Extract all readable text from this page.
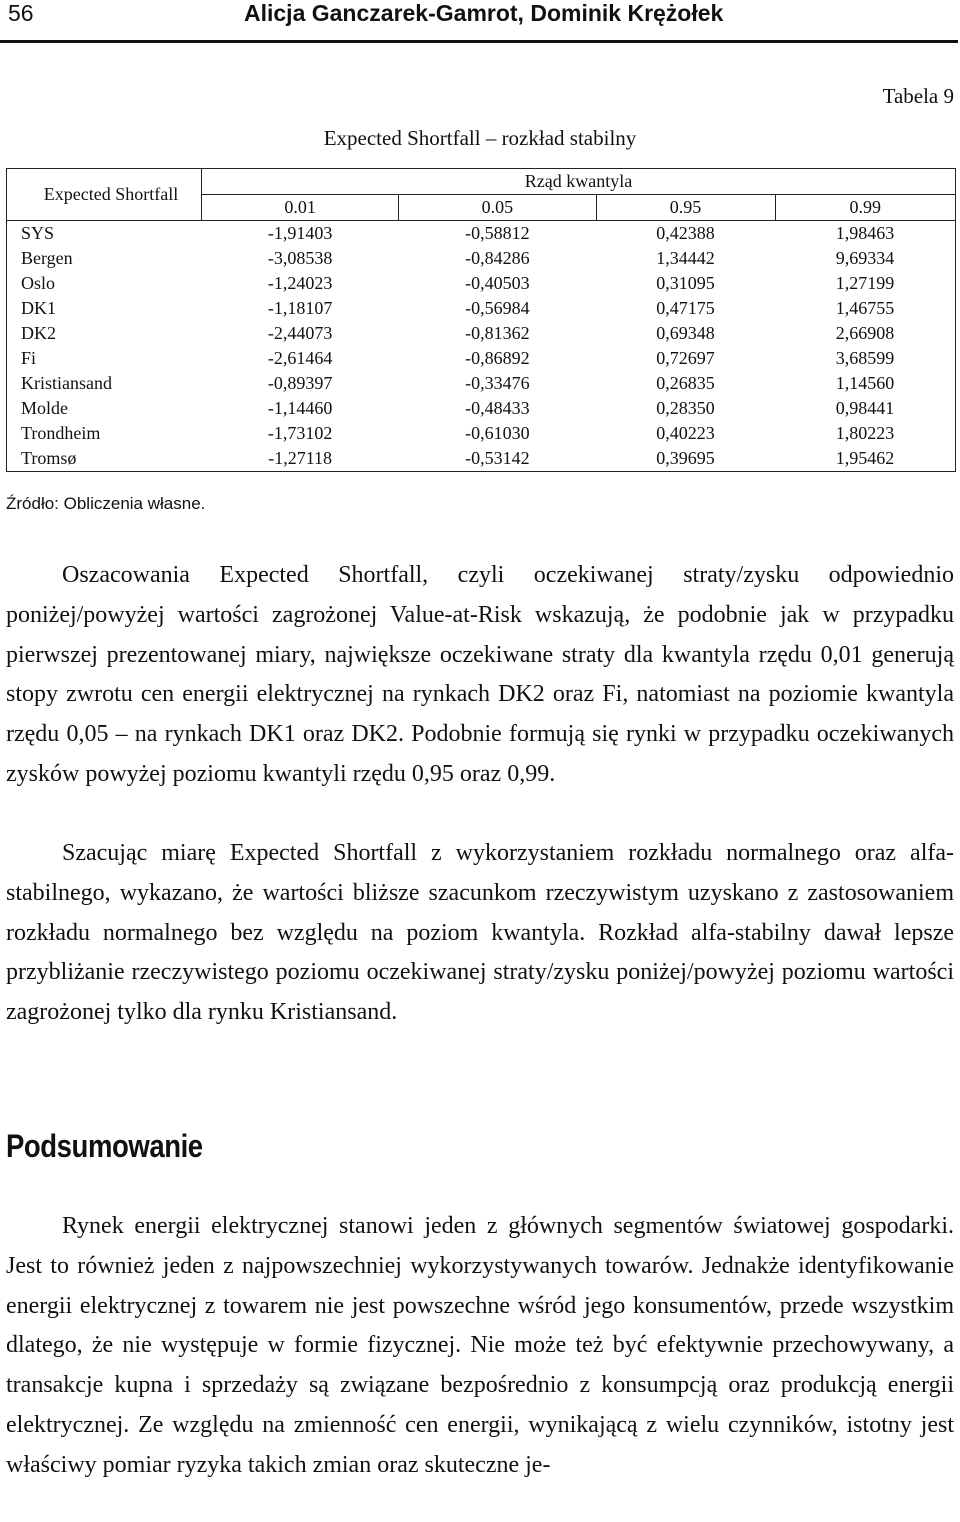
56	Alicja Ganczarek-Gamrot, Dominik Krężołek
Tabela 9
Expected Shortfall – rozkład stabilny
Expected Shortfall	Rząd kwantyla			
	0.01	0.05	0.95	0.99
SYS	-1,91403	-0,58812	0,42388	1,98463
Bergen	-3,08538	-0,84286	1,34442	9,69334
Oslo	-1,24023	-0,40503	0,31095	1,27199
DK1	-1,18107	-0,56984	0,47175	1,46755
DK2	-2,44073	-0,81362	0,69348	2,66908
Fi	-2,61464	-0,86892	0,72697	3,68599
Kristiansand	-0,89397	-0,33476	0,26835	1,14560
Molde	-1,14460	-0,48433	0,28350	0,98441
Trondheim	-1,73102	-0,61030	0,40223	1,80223
Tromsø	-1,27118	-0,53142	0,39695	1,95462
Źródło: Obliczenia własne.

Oszacowania Expected Shortfall, czyli oczekiwanej straty/zysku odpowiednio poniżej/powyżej wartości zagrożonej Value-at-Risk wskazują, że podobnie jak w przypadku pierwszej prezentowanej miary, największe oczekiwane straty dla kwantyla rzędu 0,01 generują stopy zwrotu cen energii elektrycznej na rynkach DK2 oraz Fi, natomiast na poziomie kwantyla rzędu 0,05 – na rynkach DK1 oraz DK2. Podobnie formują się rynki w przypadku oczekiwanych zysków powyżej poziomu kwantyli rzędu 0,95 oraz 0,99.

Szacując miarę Expected Shortfall z wykorzystaniem rozkładu normalnego oraz alfa-stabilnego, wykazano, że wartości bliższe szacunkom rzeczywistym uzyskano z zastosowaniem rozkładu normalnego bez względu na poziom kwantyla. Rozkład alfa-stabilny dawał lepsze przybliżanie rzeczywistego poziomu oczekiwanej straty/zysku poniżej/powyżej poziomu wartości zagrożonej tylko dla rynku Kristiansand.

Podsumowanie

Rynek energii elektrycznej stanowi jeden z głównych segmentów światowej gospodarki. Jest to również jeden z najpowszechniej wykorzystywanych towarów. Jednakże identyfikowanie energii elektrycznej z towarem nie jest powszechne wśród jego konsumentów, przede wszystkim dlatego, że nie występuje w formie fizycznej. Nie może też być efektywnie przechowywany, a transakcje kupna i sprzedaży są związane bezpośrednio z konsumpcją oraz produkcją energii elektrycznej. Ze względu na zmienność cen energii, wynikającą z wielu czynników, istotny jest właściwy pomiar ryzyka takich zmian oraz skuteczne je-
